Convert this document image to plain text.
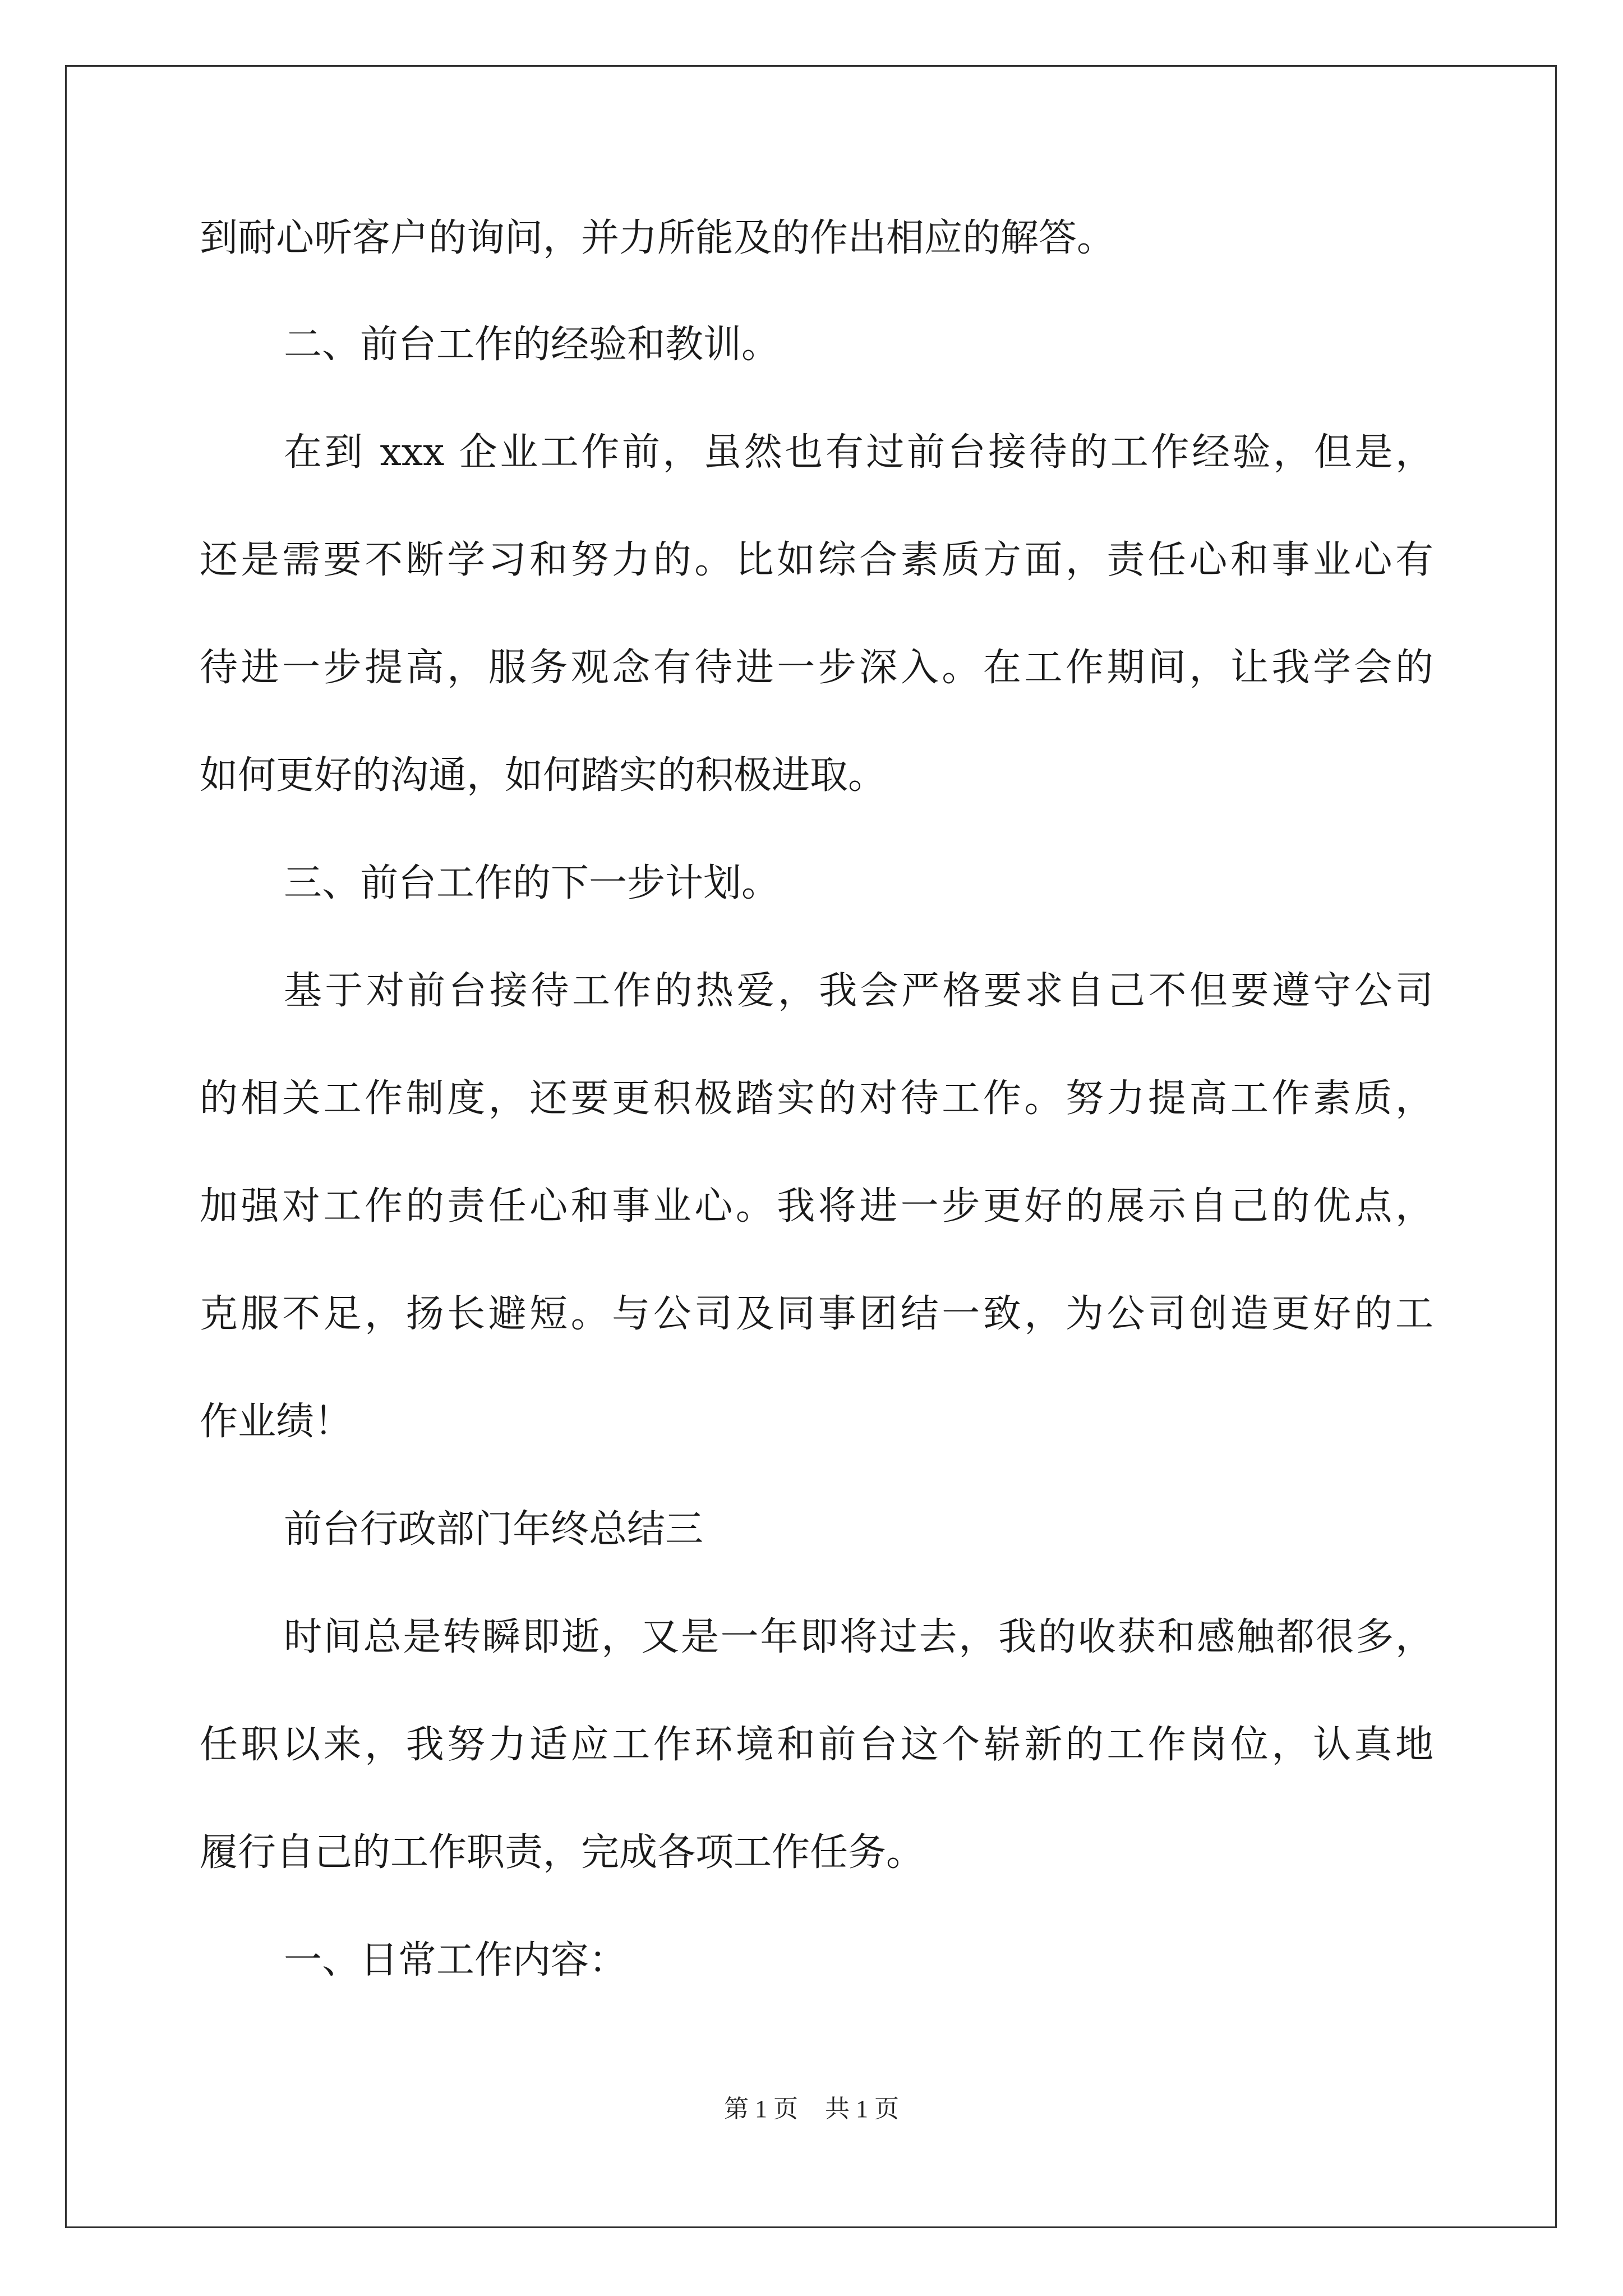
到耐心听客户的询问，并力所能及的作出相应的解答。
二、前台工作的经验和教训。
在到 xxx 企业工作前，虽然也有过前台接待的工作经验，但是，
还是需要不断学习和努力的。比如综合素质方面，责任心和事业心有
待进一步提高，服务观念有待进一步深入。在工作期间，让我学会的
如何更好的沟通，如何踏实的积极进取。
三、前台工作的下一步计划。
基于对前台接待工作的热爱，我会严格要求自己不但要遵守公司
的相关工作制度，还要更积极踏实的对待工作。努力提高工作素质，
加强对工作的责任心和事业心。我将进一步更好的展示自己的优点，
克服不足，扬长避短。与公司及同事团结一致，为公司创造更好的工
作业绩！
前台行政部门年终总结三
时间总是转瞬即逝，又是一年即将过去，我的收获和感触都很多，
任职以来，我努力适应工作环境和前台这个崭新的工作岗位，认真地
履行自己的工作职责，完成各项工作任务。
一、日常工作内容：
第 1 页 共 1 页
